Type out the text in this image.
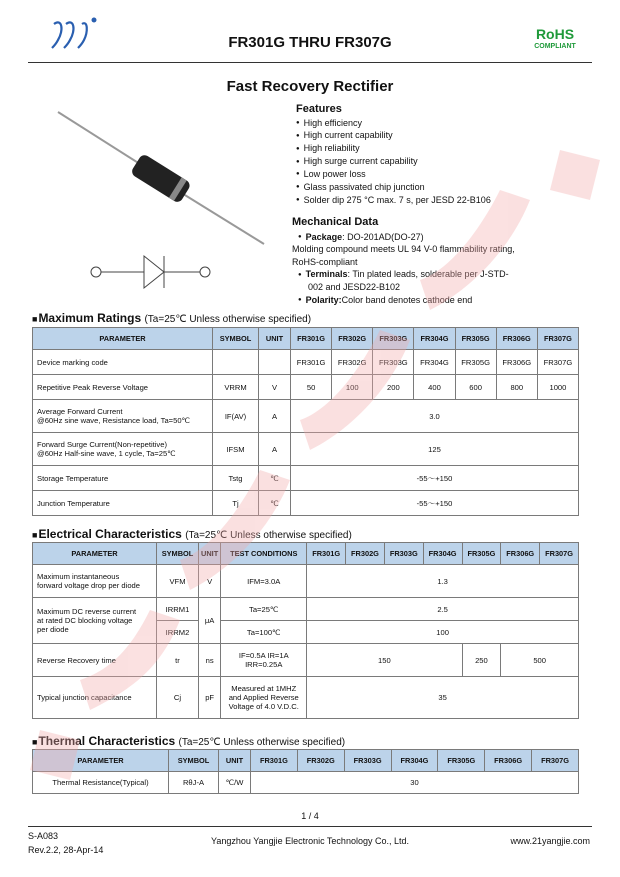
FR301G THRU FR307G	RoHS
COMPLIANT
Fast Recovery Rectifier
Features
● High efficiency
● High current capability
● High reliability
● High surge current capability
● Low power loss
● Glass passivated chip junction
● Solder dip 275 °C max. 7 s, per JESD 22-B106
Mechanical Data

● Package: DO-201AD(DO-27)

Molding compound meets UL 94 V-0 flammability rating,

RoHS-compliant

● Terminals: Tin plated leads, solderable per J-STD-

002 and JESD22-B102

● Polarity:Color band denotes cathode end

■Maximum Ratings (Ta=25℃ Unless otherwise specified)
PARAMETER	SYMBOL	UNIT	FR301G	FR302G	FR303G	FR304G	FR305G	FR306G	FR307G
Device marking code			FR301G	FR302G	FR303G	FR304G	FR305G	FR306G	FR307G
Repetitive Peak Reverse Voltage	VRRM	V	50	100	200	400	600	800	1000

Average Forward Current
@60Hz sine wave, Resistance load, Ta=50℃	IF(AV)	A	3.0						

Forward Surge Current(Non-repetitive)
@60Hz Half-sine wave, 1 cycle, Ta=25℃	IFSM	A	125						
Storage Temperature	Tstg	℃	-55～+150						
Junction Temperature	Tj	℃	-55～+150						
■Electrical Characteristics (Ta=25℃ Unless otherwise specified)
PARAMETER	SYMBOL	UNIT	TEST CONDITIONS	FR301G	FR302G	FR303G	FR304G	FR305G	FR306G	FR307G

Maximum instantaneous
forward voltage drop per diode	VFM	V	IFM=3.0A	1.3						

Maximum DC reverse current
at rated DC blocking voltage
per diode	IRRM1	μA	Ta=25℃	2.5						
	IRRM2		Ta=100℃	100						
Reverse Recovery time	tr	ns	IF=0.5A IR=1A
IRR=0.25A	150				250	500	
Typical junction capacitance	Cj	pF	Measured at 1MHZ
and Applied Reverse
Voltage of 4.0 V.D.C.	35						
■Thermal Characteristics (Ta=25℃ Unless otherwise specified)
PARAMETER	SYMBOL	UNIT	FR301G	FR302G	FR303G	FR304G	FR305G	FR306G	FR307G
Thermal Resistance(Typical)	RθJ-A	℃/W	30						
1 / 4
S-A083
Rev.2.2, 28-Apr-14
Yangzhou Yangjie Electronic Technology Co., Ltd.	www.21yangjie.com
